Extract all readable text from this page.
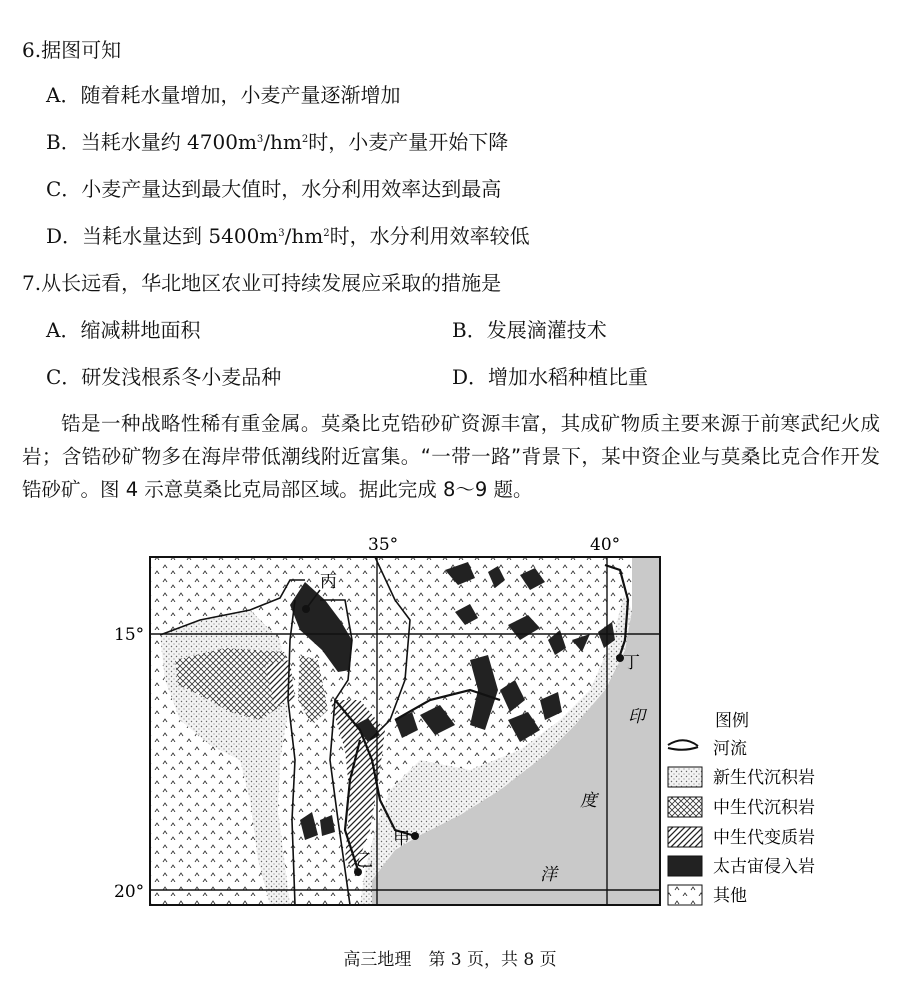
6.据图可知
A．随着耗水量增加，小麦产量逐渐增加
B．当耗水量约 $4700m^3/hm^2$时，小麦产量开始下降
C．小麦产量达到最大值时，水分利用效率达到最高
D．当耗水量达到 $5400m^3/hm^2$时，水分利用效率较低
7.从长远看，华北地区农业可持续发展应采取的措施是
A．缩减耕地面积	B．发展滴灌技术
C．研发浅根系冬小麦品种	D．增加水稻种植比重
锆是一种战略性稀有重金属。莫桑比克锆砂矿资源丰富，其成矿物质主要来源于前寒武纪火成岩；含锆砂矿物多在海岸带低潮线附近富集。“一带一路”背景下，某中资企业与莫桑比克合作开发锆砂矿。图 4 示意莫桑比克局部区域。据此完成 8～9 题。
35°	40°
15°
20°
丙
丁
甲
乙
印
度
洋
图例
河流
新生代沉积岩
中生代沉积岩
中生代变质岩
太古宙侵入岩
其他
高三地理　第 3 页，共 8 页
